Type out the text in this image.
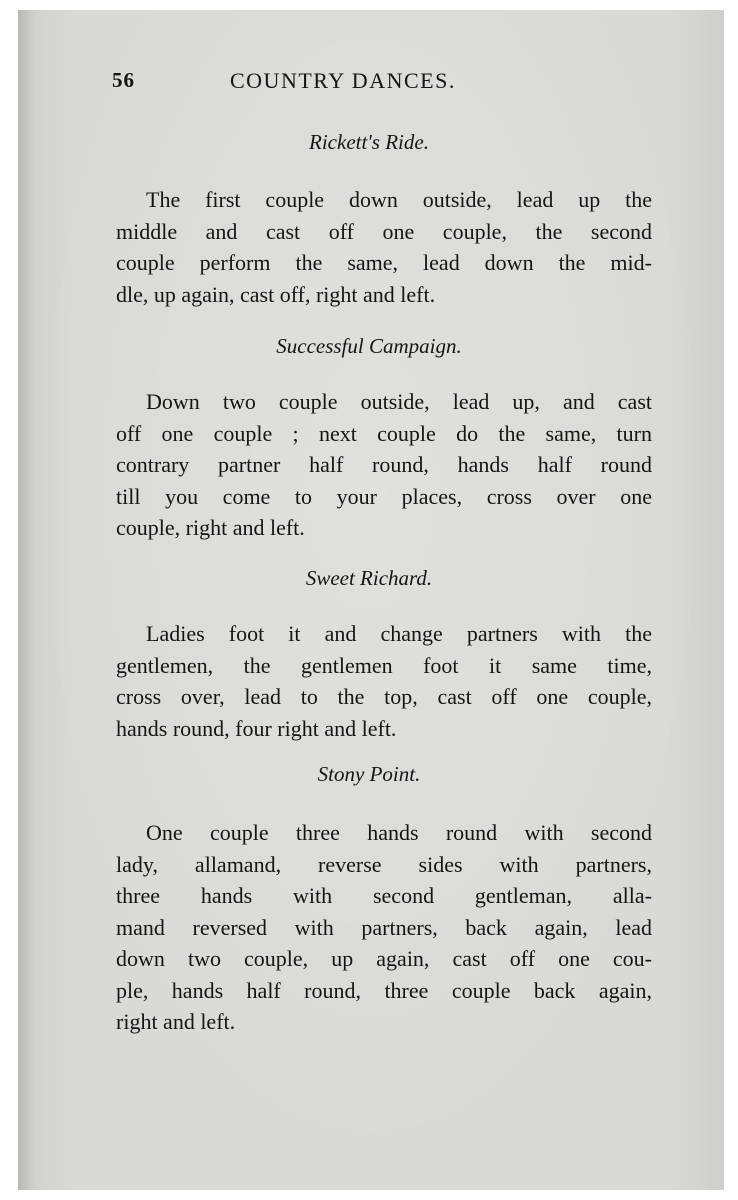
56	COUNTRY DANCES.
Rickett's Ride.
The first couple down outside, lead up the
middle and cast off one couple, the second
couple perform the same, lead down the mid-
dle, up again, cast off, right and left.
Successful Campaign.
Down two couple outside, lead up, and cast
off one couple ; next couple do the same, turn
contrary partner half round, hands half round
till you come to your places, cross over one
couple, right and left.
Sweet Richard.
Ladies foot it and change partners with the
gentlemen, the gentlemen foot it same time,
cross over, lead to the top, cast off one couple,
hands round, four right and left.
Stony Point.
One couple three hands round with second
lady, allamand, reverse sides with partners,
three hands with second gentleman, alla-
mand reversed with partners, back again, lead
down two couple, up again, cast off one cou-
ple, hands half round, three couple back again,
right and left.
